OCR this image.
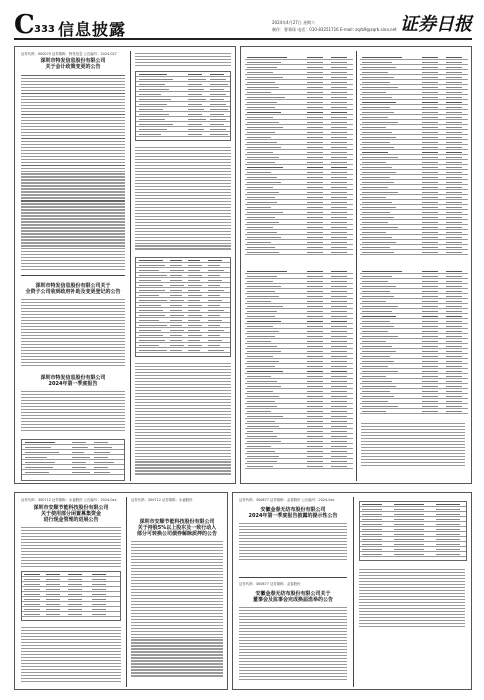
C 333 信息披露	2024年4月27日 星期六
制作：曹秉琛 电话：010-83251716 E-mail: zqrb9@zqrb.sina.net 证券日报
证券代码：000070 证券简称：特发信息 公告编号：2024-027
深圳市特发信息股份有限公司
关于会计政策变更的公告
深圳市特发信息股份有限公司关于
全资子公司收到政府补助及变更登记的公告
深圳市特发信息股份有限公司
2024年第一季度报告
证券代码：300712 证券简称：永福股份 公告编号：2024-0xx
深圳市安顺节能科技股份有限公司
关于使用部分闲置募集资金
进行现金管理的进展公告
证券代码：300712 证券简称：永福股份
深圳市安顺节能科技股份有限公司
关于持股5%以上股东及一致行动人
部分可转换公司债券解除质押的公告
证券代码：300877 证券简称：金春股份 公告编号：2024-0xx
安徽金春无纺布股份有限公司
2024年第一季度报告披露的提示性公告
证券代码：300877 证券简称：金春股份
安徽金春无纺布股份有限公司关于
董事会及监事会完成换届选举的公告
